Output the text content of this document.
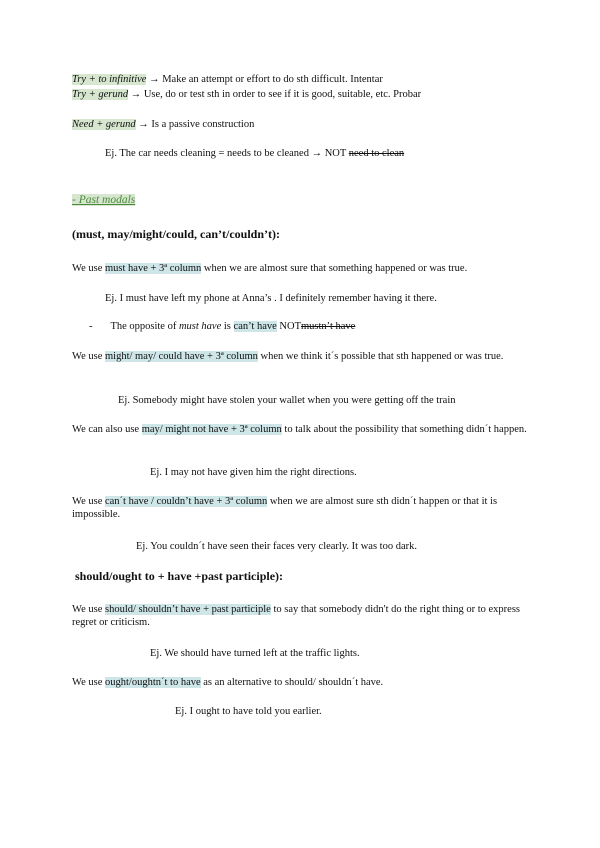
Try + to infinitive → Make an attempt or effort to do sth difficult. Intentar
Try + gerund → Use, do or test sth in order to see if it is good, suitable, etc. Probar
Need + gerund → Is a passive construction
Ej. The car needs cleaning = needs to be cleaned → NOT need to clean
- Past modals
(must, may/might/could, can’t/couldn’t):
We use must have + 3ª column when we are almost sure that something happened or was true.
Ej. I must have left my phone at Anna’s . I definitely remember having it there.
- The opposite of must have is can’t have NOTmustn’t have
We use might/ may/ could have + 3ª column when we think it´s possible that sth happened or was true.
Ej. Somebody might have stolen your wallet when you were getting off the train
We can also use may/ might not have + 3ª column to talk about the possibility that something didn´t happen.
Ej. I may not have given him the right directions.
We use can´t have / couldn’t have + 3ª column when we are almost sure sth didn´t happen or that it is impossible.
Ej. You couldn´t have seen their faces very clearly. It was too dark.
should/ought to + have +past participle):
We use should/ shouldn’t have + past participle to say that somebody didn't do the right thing or to express regret or criticism.
Ej. We should have turned left at the traffic lights.
We use ought/oughtn´t to have as an alternative to should/ shouldn´t have.
Ej. I ought to have told you earlier.
